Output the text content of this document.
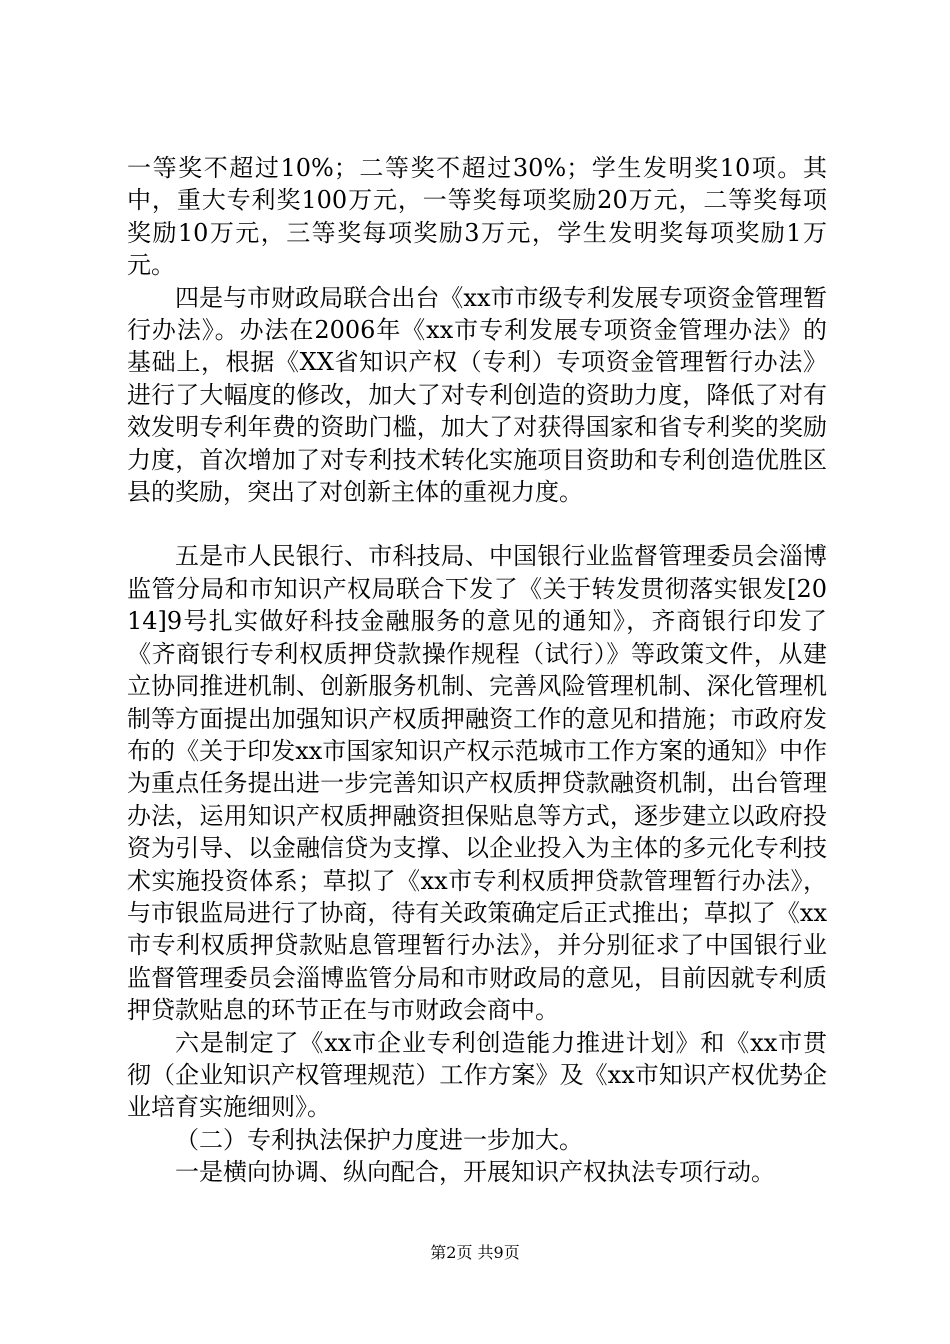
一等奖不超过10%；二等奖不超过30%；学生发明奖10项。其中，重大专利奖100万元，一等奖每项奖励20万元，二等奖每项奖励10万元，三等奖每项奖励3万元，学生发明奖每项奖励1万元。

四是与市财政局联合出台《xx市市级专利发展专项资金管理暂行办法》。办法在2006年《xx市专利发展专项资金管理办法》的基础上，根据《XX省知识产权（专利）专项资金管理暂行办法》进行了大幅度的修改，加大了对专利创造的资助力度，降低了对有效发明专利年费的资助门槛，加大了对获得国家和省专利奖的奖励力度，首次增加了对专利技术转化实施项目资助和专利创造优胜区县的奖励，突出了对创新主体的重视力度。

五是市人民银行、市科技局、中国银行业监督管理委员会淄博监管分局和市知识产权局联合下发了《关于转发贯彻落实银发[2014]9号扎实做好科技金融服务的意见的通知》，齐商银行印发了《齐商银行专利权质押贷款操作规程（试行）》等政策文件，从建立协同推进机制、创新服务机制、完善风险管理机制、深化管理机制等方面提出加强知识产权质押融资工作的意见和措施；市政府发布的《关于印发xx市国家知识产权示范城市工作方案的通知》中作为重点任务提出进一步完善知识产权质押贷款融资机制，出台管理办法，运用知识产权质押融资担保贴息等方式，逐步建立以政府投资为引导、以金融信贷为支撑、以企业投入为主体的多元化专利技术实施投资体系；草拟了《xx市专利权质押贷款管理暂行办法》，与市银监局进行了协商，待有关政策确定后正式推出；草拟了《xx市专利权质押贷款贴息管理暂行办法》，并分别征求了中国银行业监督管理委员会淄博监管分局和市财政局的意见，目前因就专利质押贷款贴息的环节正在与市财政会商中。

六是制定了《xx市企业专利创造能力推进计划》和《xx市贯彻（企业知识产权管理规范）工作方案》及《xx市知识产权优势企业培育实施细则》。

（二）专利执法保护力度进一步加大。

一是横向协调、纵向配合，开展知识产权执法专项行动。

第2页 共9页
